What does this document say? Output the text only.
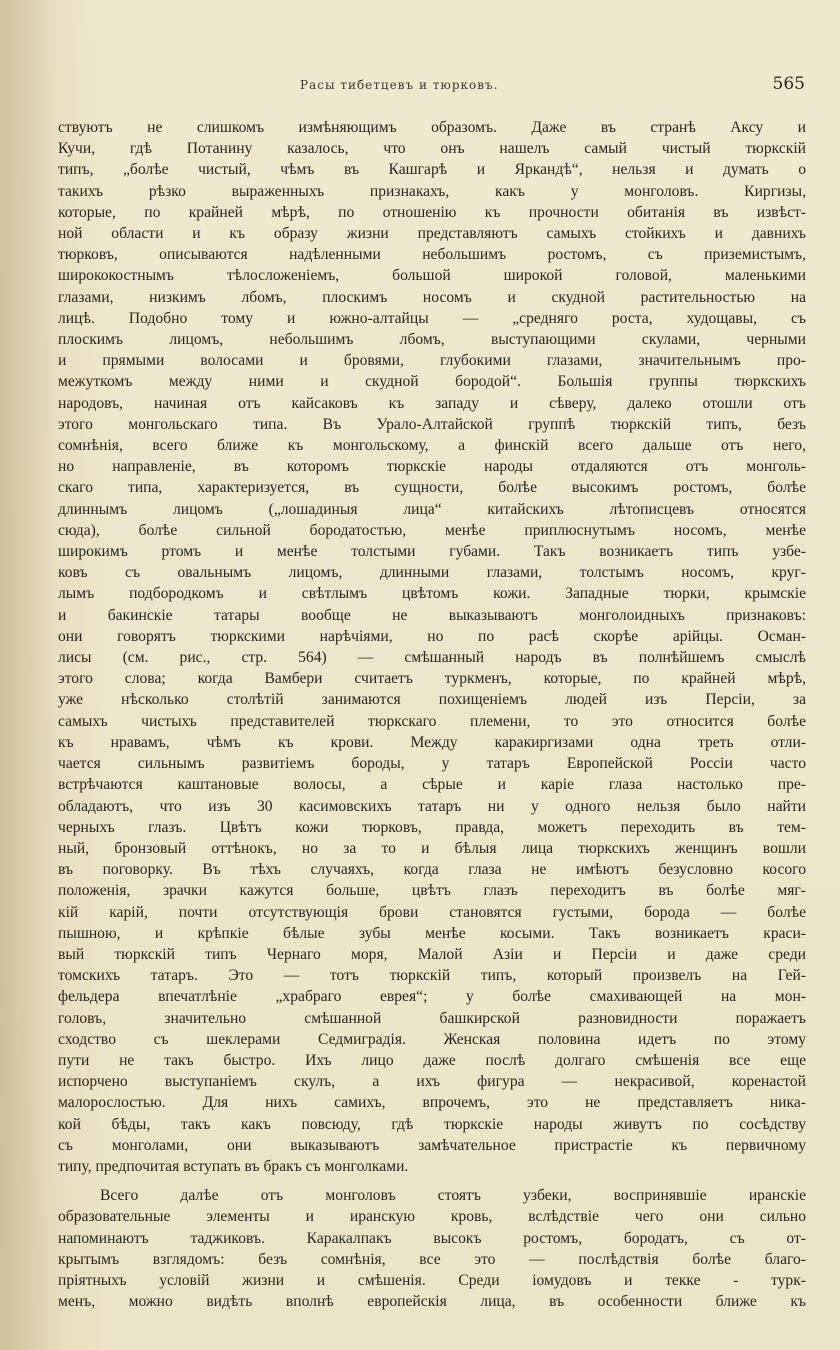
Расы тибетцевъ и тюрковъ.	565

ствуютъ не слишкомъ измѣняющимъ образомъ. Даже въ странѣ Аксу и
Кучи, гдѣ Потанину казалось, что онъ нашелъ самый чистый тюркскій
типъ, „болѣе чистый, чѣмъ въ Кашгарѣ и Яркандѣ“, нельзя и думать о
такихъ рѣзко выраженныхъ признакахъ, какъ у монголовъ. Киргизы,
которые, по крайней мѣрѣ, по отношенію къ прочности обитанія въ извѣст-
ной области и къ образу жизни представляютъ самыхъ стойкихъ и давнихъ
тюрковъ, описываются надѣленными небольшимъ ростомъ, съ приземистымъ,
ширококостнымъ тѣлосложеніемъ, большой широкой головой, маленькими
глазами, низкимъ лбомъ, плоскимъ носомъ и скудной растительностью на
лицѣ. Подобно тому и южно-алтайцы — „средняго роста, худощавы, съ
плоскимъ лицомъ, небольшимъ лбомъ, выступающими скулами, черными
и прямыми волосами и бровями, глубокими глазами, значительнымъ про-
межуткомъ между ними и скудной бородой“. Большія группы тюркскихъ
народовъ, начиная отъ кайсаковъ къ западу и сѣверу, далеко отошли отъ
этого монгольскаго типа. Въ Урало-Алтайской группѣ тюркскій типъ, безъ
сомнѣнія, всего ближе къ монгольскому, а финскій всего дальше отъ него,
но направленіе, въ которомъ тюркскіе народы отдаляются отъ монголь-
скаго типа, характеризуется, въ сущности, болѣе высокимъ ростомъ, болѣе
длиннымъ лицомъ („лошадиныя лица“ китайскихъ лѣтописцевъ относятся
сюда), болѣе сильной бородатостью, менѣе приплюснутымъ носомъ, менѣе
широкимъ ртомъ и менѣе толстыми губами. Такъ возникаетъ типъ узбе-
ковъ съ овальнымъ лицомъ, длинными глазами, толстымъ носомъ, круг-
лымъ подбородкомъ и свѣтлымъ цвѣтомъ кожи. Западные тюрки, крымскіе
и бакинскіе татары вообще не выказываютъ монголоидныхъ признаковъ:
они говорятъ тюркскими нарѣчіями, но по расѣ скорѣе арійцы. Осман-
лисы (см. рис., стр. 564) — смѣшанный народъ въ полнѣйшемъ смыслѣ
этого слова; когда Вамбери считаетъ туркменъ, которые, по крайней мѣрѣ,
уже нѣсколько столѣтій занимаются похищеніемъ людей изъ Персіи, за
самыхъ чистыхъ представителей тюркскаго племени, то это относится болѣе
къ нравамъ, чѣмъ къ крови. Между каракиргизами одна треть отли-
чается сильнымъ развитіемъ бороды, у татаръ Европейской Россіи часто
встрѣчаются каштановые волосы, а сѣрые и каріе глаза настолько пре-
обладаютъ, что изъ 30 касимовскихъ татаръ ни у одного нельзя было найти
черныхъ глазъ. Цвѣтъ кожи тюрковъ, правда, можетъ переходить въ тем-
ный, бронзовый оттѣнокъ, но за то и бѣлыя лица тюркскихъ женщинъ вошли
въ поговорку. Въ тѣхъ случаяхъ, когда глаза не имѣютъ безусловно косого
положенія, зрачки кажутся больше, цвѣтъ глазъ переходитъ въ болѣе мяг-
кій карій, почти отсутствующія брови становятся густыми, борода — болѣе
пышною, и крѣпкіе бѣлые зубы менѣе косыми. Такъ возникаетъ краси-
вый тюркскій типъ Чернаго моря, Малой Азіи и Персіи и даже среди
томскихъ татаръ. Это — тотъ тюркскій типъ, который произвелъ на Гей-
фельдера впечатлѣніе „храбраго еврея“; у болѣе смахивающей на мон-
головъ, значительно смѣшанной башкирской разновидности поражаетъ
сходство съ шеклерами Седмиградія. Женская половина идетъ по этому
пути не такъ быстро. Ихъ лицо даже послѣ долгаго смѣшенія все еще
испорчено выступаніемъ скулъ, а ихъ фигура — некрасивой, коренастой
малорослостью. Для нихъ самихъ, впрочемъ, это не представляетъ ника-
кой бѣды, такъ какъ повсюду, гдѣ тюркскіе народы живутъ по сосѣдству
съ монголами, они выказываютъ замѣчательное пристрастіе къ первичному
типу, предпочитая вступать въ бракъ съ монголками.

Всего далѣе отъ монголовъ стоятъ узбеки, воспринявшіе иранскіе
образовательные элементы и иранскую кровь, вслѣдствіе чего они сильно
напоминаютъ таджиковъ. Каракалпакъ высокъ ростомъ, бородатъ, съ от-
крытымъ взглядомъ: безъ сомнѣнія, все это — послѣдствія болѣе благо-
пріятныхъ условій жизни и смѣшенія. Среди іомудовъ и текке - турк-
менъ, можно видѣть вполнѣ европейскія лица, въ особенности ближе къ
